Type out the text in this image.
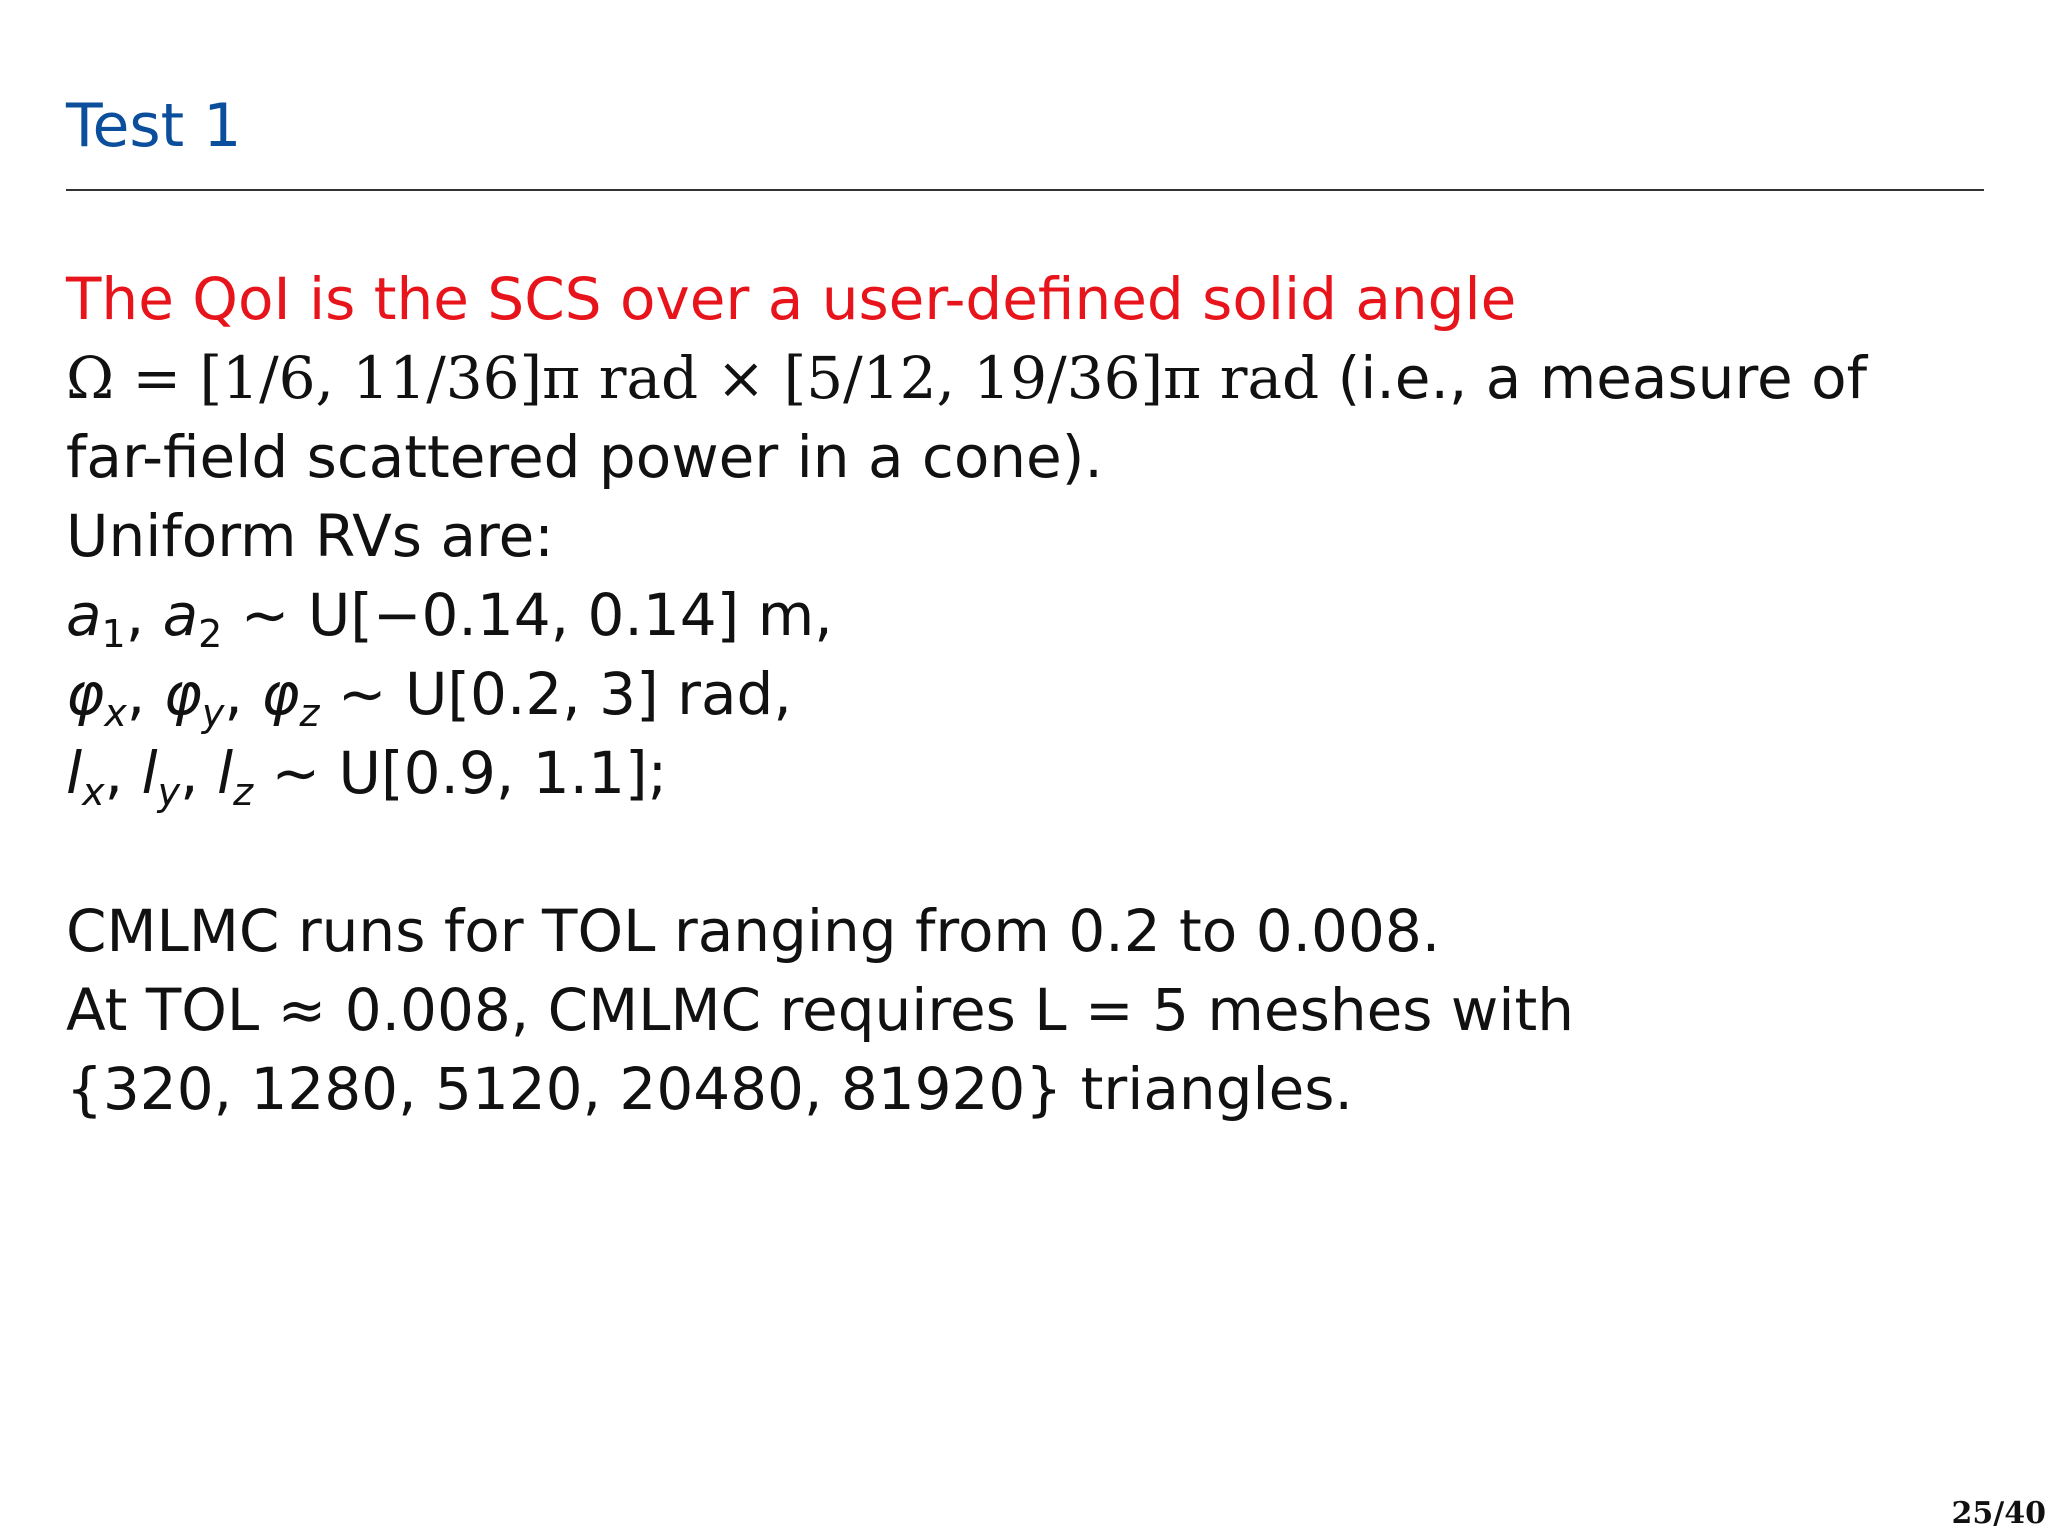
Test 1
The QoI is the SCS over a user-defined solid angle
Ω = [1/6, 11/36]π rad × [5/12, 19/36]π rad (i.e., a measure of
far-field scattered power in a cone).
Uniform RVs are:
$a_1$, $a_2$ ∼ U[−0.14, 0.14] m,
$\varphi_x$, $\varphi_y$, $\varphi_z$ ∼ U[0.2, 3] rad,
$l_x$, $l_y$, $l_z$ ∼ U[0.9, 1.1];
CMLMC runs for TOL ranging from 0.2 to 0.008.
At TOL ≈ 0.008, CMLMC requires L = 5 meshes with
{320, 1280, 5120, 20480, 81920} triangles.
25/40
